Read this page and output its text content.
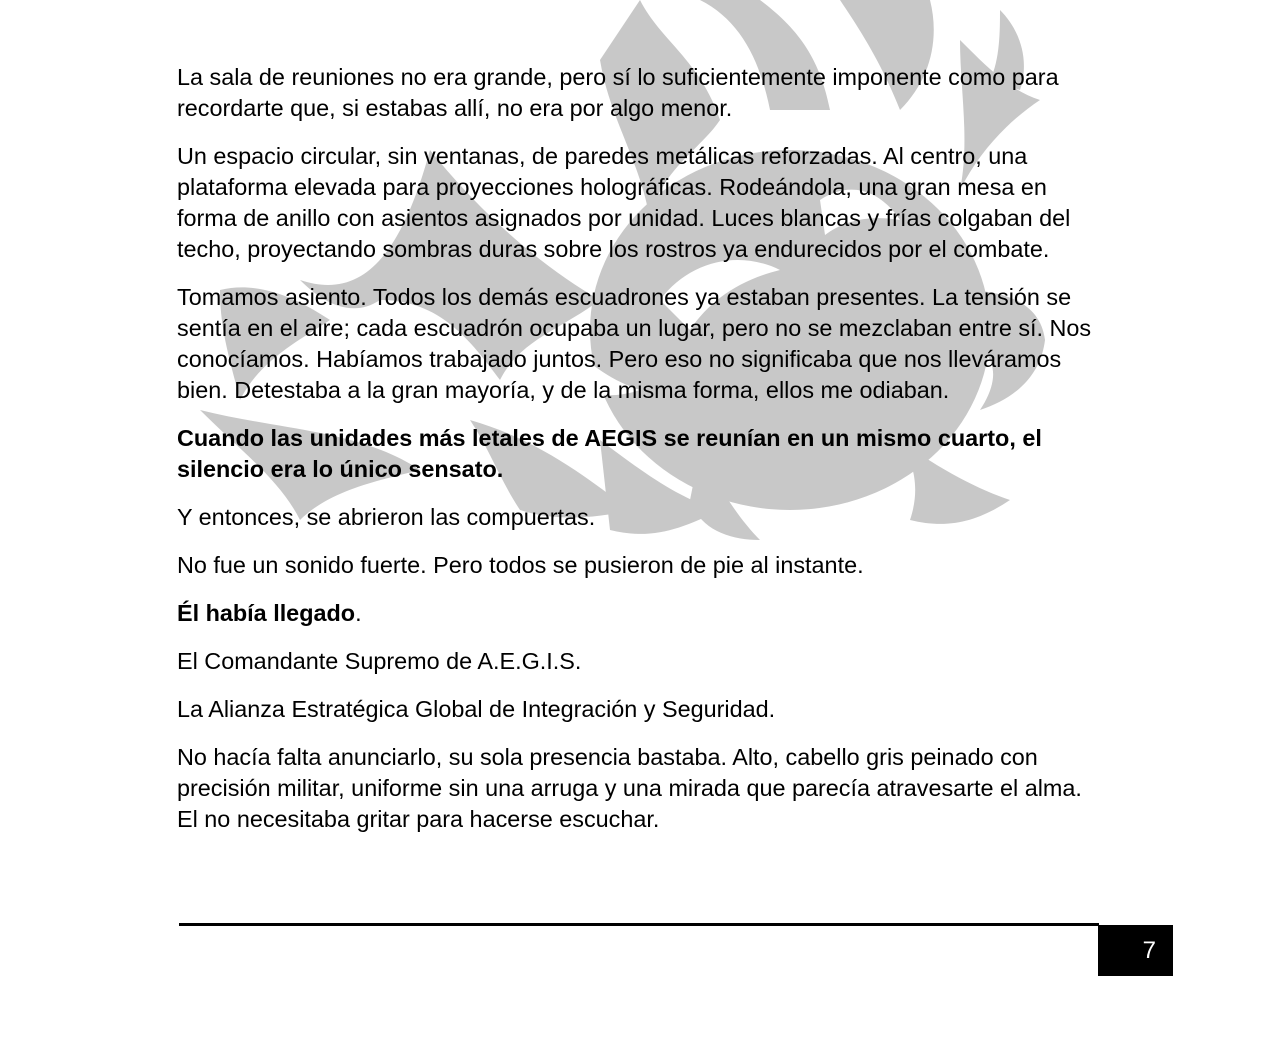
La sala de reuniones no era grande, pero sí lo suficientemente imponente como para recordarte que, si estabas allí, no era por algo menor.

Un espacio circular, sin ventanas, de paredes metálicas reforzadas. Al centro, una plataforma elevada para proyecciones holográficas. Rodeándola, una gran mesa en forma de anillo con asientos asignados por unidad. Luces blancas y frías colgaban del techo, proyectando sombras duras sobre los rostros ya endurecidos por el combate.

Tomamos asiento. Todos los demás escuadrones ya estaban presentes. La tensión se sentía en el aire; cada escuadrón ocupaba un lugar, pero no se mezclaban entre sí. Nos conocíamos. Habíamos trabajado juntos. Pero eso no significaba que nos lleváramos bien. Detestaba a la gran mayoría, y de la misma forma, ellos me odiaban.

Cuando las unidades más letales de AEGIS se reunían en un mismo cuarto, el silencio era lo único sensato.

Y entonces, se abrieron las compuertas.

No fue un sonido fuerte. Pero todos se pusieron de pie al instante.

Él había llegado.

El Comandante Supremo de A.E.G.I.S.

La Alianza Estratégica Global de Integración y Seguridad.

No hacía falta anunciarlo, su sola presencia bastaba. Alto, cabello gris peinado con precisión militar, uniforme sin una arruga y una mirada que parecía atravesarte el alma. El no necesitaba gritar para hacerse escuchar.

7
